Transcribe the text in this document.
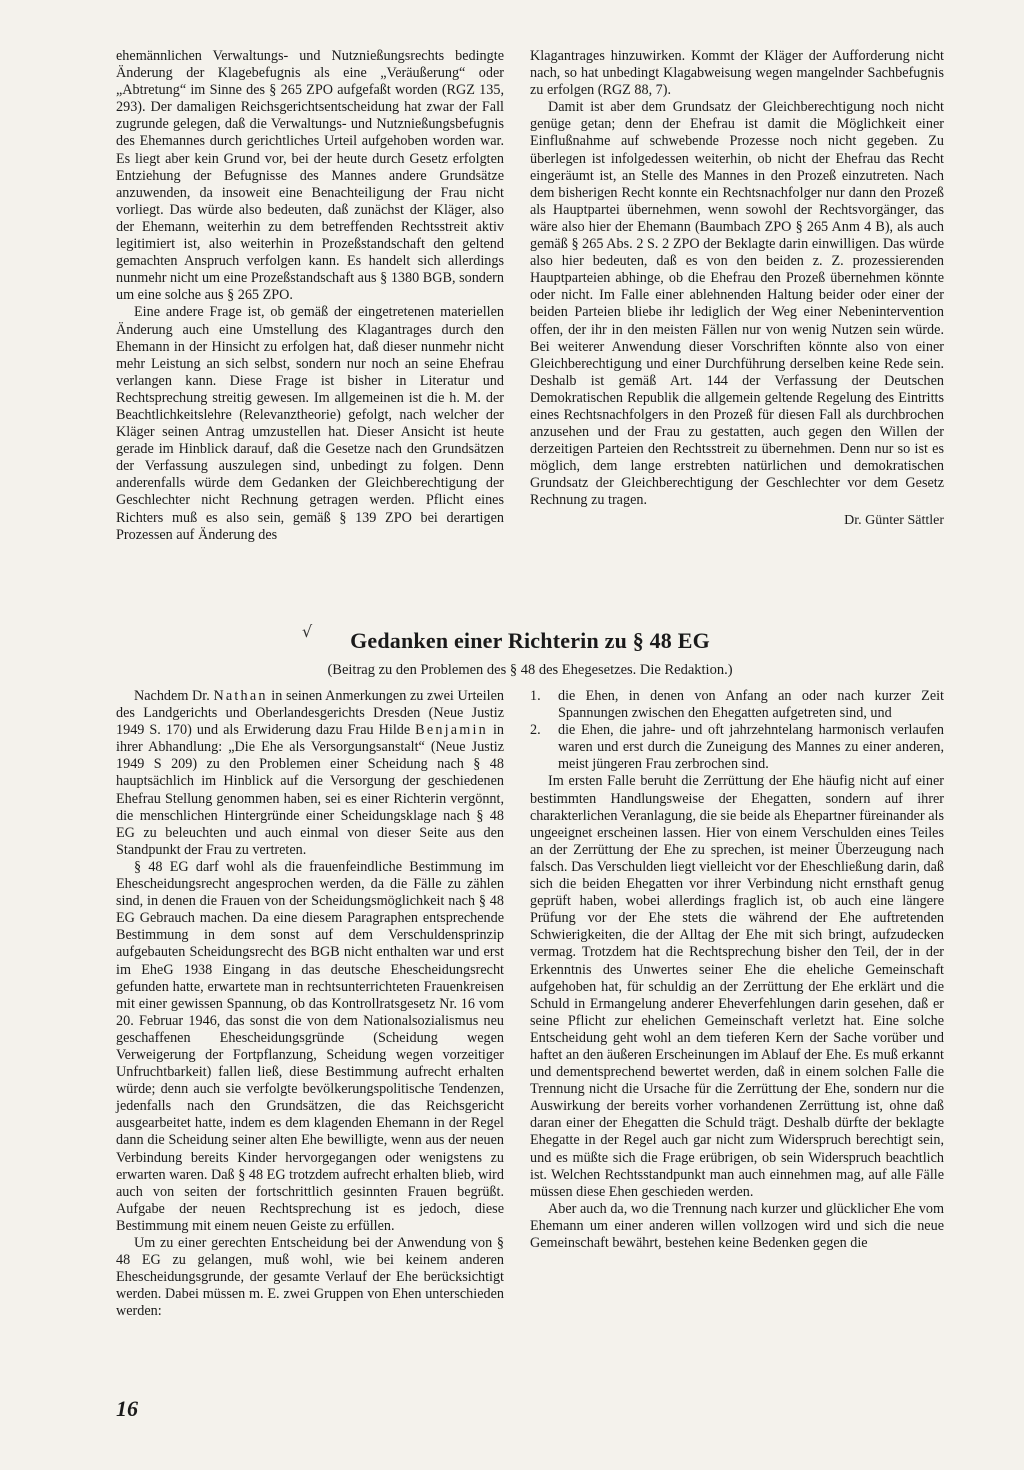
ehemännlichen Verwaltungs- und Nutznießungsrechts bedingte Änderung der Klagebefugnis als eine „Veräußerung“ oder „Abtretung“ im Sinne des § 265 ZPO aufgefaßt worden (RGZ 135, 293). Der damaligen Reichsgerichtsentscheidung hat zwar der Fall zugrunde gelegen, daß die Verwaltungs- und Nutznießungsbefugnis des Ehemannes durch gerichtliches Urteil aufgehoben worden war. Es liegt aber kein Grund vor, bei der heute durch Gesetz erfolgten Entziehung der Befugnisse des Mannes andere Grundsätze anzuwenden, da insoweit eine Benachteiligung der Frau nicht vorliegt. Das würde also bedeuten, daß zunächst der Kläger, also der Ehemann, weiterhin zu dem betreffenden Rechtsstreit aktiv legitimiert ist, also weiterhin in Prozeßstandschaft den geltend gemachten Anspruch verfolgen kann. Es handelt sich allerdings nunmehr nicht um eine Prozeßstandschaft aus § 1380 BGB, sondern um eine solche aus § 265 ZPO.

Eine andere Frage ist, ob gemäß der eingetretenen materiellen Änderung auch eine Umstellung des Klagantrages durch den Ehemann in der Hinsicht zu erfolgen hat, daß dieser nunmehr nicht mehr Leistung an sich selbst, sondern nur noch an seine Ehefrau verlangen kann. Diese Frage ist bisher in Literatur und Rechtsprechung streitig gewesen. Im allgemeinen ist die h. M. der Beachtlichkeitslehre (Relevanztheorie) gefolgt, nach welcher der Kläger seinen Antrag umzustellen hat. Dieser Ansicht ist heute gerade im Hinblick darauf, daß die Gesetze nach den Grundsätzen der Verfassung auszulegen sind, unbedingt zu folgen. Denn anderenfalls würde dem Gedanken der Gleichberechtigung der Geschlechter nicht Rechnung getragen werden. Pflicht eines Richters muß es also sein, gemäß § 139 ZPO bei derartigen Prozessen auf Änderung des

Klagantrages hinzuwirken. Kommt der Kläger der Aufforderung nicht nach, so hat unbedingt Klagabweisung wegen mangelnder Sachbefugnis zu erfolgen (RGZ 88, 7).

Damit ist aber dem Grundsatz der Gleichberechtigung noch nicht genüge getan; denn der Ehefrau ist damit die Möglichkeit einer Einflußnahme auf schwebende Prozesse noch nicht gegeben. Zu überlegen ist infolgedessen weiterhin, ob nicht der Ehefrau das Recht eingeräumt ist, an Stelle des Mannes in den Prozeß einzutreten. Nach dem bisherigen Recht konnte ein Rechtsnachfolger nur dann den Prozeß als Hauptpartei übernehmen, wenn sowohl der Rechtsvorgänger, das wäre also hier der Ehemann (Baumbach ZPO § 265 Anm 4 B), als auch gemäß § 265 Abs. 2 S. 2 ZPO der Beklagte darin einwilligen. Das würde also hier bedeuten, daß es von den beiden z. Z. prozessierenden Hauptparteien abhinge, ob die Ehefrau den Prozeß übernehmen könnte oder nicht. Im Falle einer ablehnenden Haltung beider oder einer der beiden Parteien bliebe ihr lediglich der Weg einer Nebenintervention offen, der ihr in den meisten Fällen nur von wenig Nutzen sein würde. Bei weiterer Anwendung dieser Vorschriften könnte also von einer Gleichberechtigung und einer Durchführung derselben keine Rede sein. Deshalb ist gemäß Art. 144 der Verfassung der Deutschen Demokratischen Republik die allgemein geltende Regelung des Eintritts eines Rechtsnachfolgers in den Prozeß für diesen Fall als durchbrochen anzusehen und der Frau zu gestatten, auch gegen den Willen der derzeitigen Parteien den Rechtsstreit zu übernehmen. Denn nur so ist es möglich, dem lange erstrebten natürlichen und demokratischen Grundsatz der Gleichberechtigung der Geschlechter vor dem Gesetz Rechnung zu tragen.

Dr. Günter Sättler
√	Gedanken einer Richterin zu § 48 EG

(Beitrag zu den Problemen des § 48 des Ehegesetzes. Die Redaktion.)

Nachdem Dr. Nathan in seinen Anmerkungen zu zwei Urteilen des Landgerichts und Oberlandesgerichts Dresden (Neue Justiz 1949 S. 170) und als Erwiderung dazu Frau Hilde Benjamin in ihrer Abhandlung: „Die Ehe als Versorgungsanstalt“ (Neue Justiz 1949 S 209) zu den Problemen einer Scheidung nach § 48 hauptsächlich im Hinblick auf die Versorgung der geschiedenen Ehefrau Stellung genommen haben, sei es einer Richterin vergönnt, die menschlichen Hintergründe einer Scheidungsklage nach § 48 EG zu beleuchten und auch einmal von dieser Seite aus den Standpunkt der Frau zu vertreten.

§ 48 EG darf wohl als die frauenfeindliche Bestimmung im Ehescheidungsrecht angesprochen werden, da die Fälle zu zählen sind, in denen die Frauen von der Scheidungsmöglichkeit nach § 48 EG Gebrauch machen. Da eine diesem Paragraphen entsprechende Bestimmung in dem sonst auf dem Verschuldensprinzip aufgebauten Scheidungsrecht des BGB nicht enthalten war und erst im EheG 1938 Eingang in das deutsche Ehescheidungsrecht gefunden hatte, erwartete man in rechtsunterrichteten Frauenkreisen mit einer gewissen Spannung, ob das Kontrollratsgesetz Nr. 16 vom 20. Februar 1946, das sonst die von dem Nationalsozialismus neu geschaffenen Ehescheidungsgründe (Scheidung wegen Verweigerung der Fortpflanzung, Scheidung wegen vorzeitiger Unfruchtbarkeit) fallen ließ, diese Bestimmung aufrecht erhalten würde; denn auch sie verfolgte bevölkerungspolitische Tendenzen, jedenfalls nach den Grundsätzen, die das Reichsgericht ausgearbeitet hatte, indem es dem klagenden Ehemann in der Regel dann die Scheidung seiner alten Ehe bewilligte, wenn aus der neuen Verbindung bereits Kinder hervorgegangen oder wenigstens zu erwarten waren. Daß § 48 EG trotzdem aufrecht erhalten blieb, wird auch von seiten der fortschrittlich gesinnten Frauen begrüßt. Aufgabe der neuen Rechtsprechung ist es jedoch, diese Bestimmung mit einem neuen Geiste zu erfüllen.

Um zu einer gerechten Entscheidung bei der Anwendung von § 48 EG zu gelangen, muß wohl, wie bei keinem anderen Ehescheidungsgrunde, der gesamte Verlauf der Ehe berücksichtigt werden. Dabei müssen m. E. zwei Gruppen von Ehen unterschieden werden:

1.	die Ehen, in denen von Anfang an oder nach kurzer Zeit Spannungen zwischen den Ehegatten aufgetreten sind, und
2.	die Ehen, die jahre- und oft jahrzehntelang harmonisch verlaufen waren und erst durch die Zuneigung des Mannes zu einer anderen, meist jüngeren Frau zerbrochen sind.

Im ersten Falle beruht die Zerrüttung der Ehe häufig nicht auf einer bestimmten Handlungsweise der Ehegatten, sondern auf ihrer charakterlichen Veranlagung, die sie beide als Ehepartner füreinander als ungeeignet erscheinen lassen. Hier von einem Verschulden eines Teiles an der Zerrüttung der Ehe zu sprechen, ist meiner Überzeugung nach falsch. Das Verschulden liegt vielleicht vor der Eheschließung darin, daß sich die beiden Ehegatten vor ihrer Verbindung nicht ernsthaft genug geprüft haben, wobei allerdings fraglich ist, ob auch eine längere Prüfung vor der Ehe stets die während der Ehe auftretenden Schwierigkeiten, die der Alltag der Ehe mit sich bringt, aufzudecken vermag. Trotzdem hat die Rechtsprechung bisher den Teil, der in der Erkenntnis des Unwertes seiner Ehe die eheliche Gemeinschaft aufgehoben hat, für schuldig an der Zerrüttung der Ehe erklärt und die Schuld in Ermangelung anderer Eheverfehlungen darin gesehen, daß er seine Pflicht zur ehelichen Gemeinschaft verletzt hat. Eine solche Entscheidung geht wohl an dem tieferen Kern der Sache vorüber und haftet an den äußeren Erscheinungen im Ablauf der Ehe. Es muß erkannt und dementsprechend bewertet werden, daß in einem solchen Falle die Trennung nicht die Ursache für die Zerrüttung der Ehe, sondern nur die Auswirkung der bereits vorher vorhandenen Zerrüttung ist, ohne daß daran einer der Ehegatten die Schuld trägt. Deshalb dürfte der beklagte Ehegatte in der Regel auch gar nicht zum Widerspruch berechtigt sein, und es müßte sich die Frage erübrigen, ob sein Widerspruch beachtlich ist. Welchen Rechtsstandpunkt man auch einnehmen mag, auf alle Fälle müssen diese Ehen geschieden werden.

Aber auch da, wo die Trennung nach kurzer und glücklicher Ehe vom Ehemann um einer anderen willen vollzogen wird und sich die neue Gemeinschaft bewährt, bestehen keine Bedenken gegen die

16
